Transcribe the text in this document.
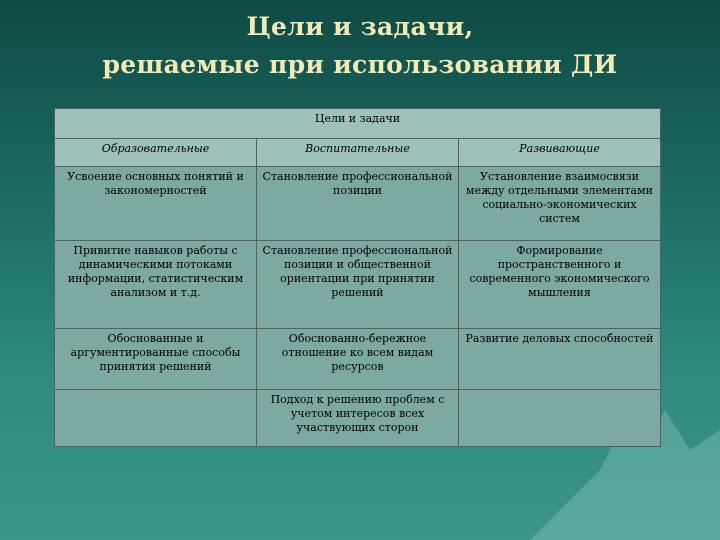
Цели и задачи,
решаемые при использовании ДИ
Цели и задачи		
Образовательные	Воспитательные	Развивающие
Усвоение основных понятий и закономерностей	Становление профессиональной позиции	Установление взаимосвязи между отдельными элементами социально-экономических систем
Привитие навыков работы с динамическими потоками информации, статистическим анализом и т.д.	Становление профессиональной позиции и общественной ориентации при принятии решений	Формирование пространственного и современного экономического мышления
Обоснованные и аргументированные способы принятия решений	Обоснованно-бережное отношение ко всем видам ресурсов	Развитие деловых способностей
	Подход к решению проблем с учетом интересов всех участвующих сторон	
